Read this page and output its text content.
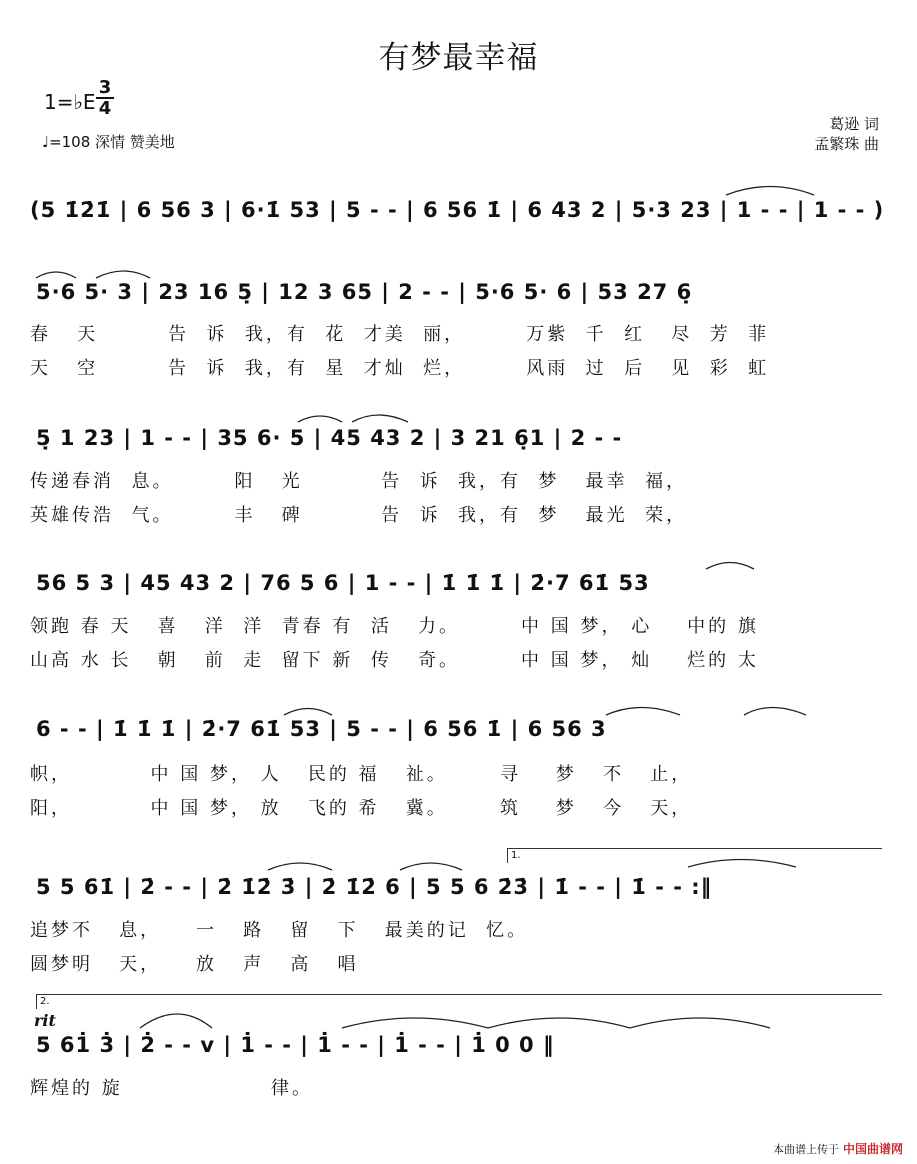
有梦最幸福
1=♭E
3
4
♩=108 深情 赞美地
葛逊 词
孟繁珠 曲
(5 1̇2̇1̇ | 6 56 3 | 6·1̇ 53 | 5 - - | 6 56 1̇ | 6 43 2 | 5·3 23 | 1 - - | 1 - - )
5·6 5· 3 | 23 16 5̣ | 12 3 65 | 2 - - | 5·6 5· 6 | 53 27 6̣
春   天        告  诉  我，有  花  才美  丽，       万紫  千  红   尽  芳  菲
天   空        告  诉  我，有  星  才灿  烂，       风雨  过  后   见  彩  虹
5̣ 1 23 | 1 - - | 35 6· 5 | 45 43 2 | 3 21 6̣1 | 2 - -
传递春消  息。       阳   光         告  诉  我，有  梦   最幸  福，
英雄传浩  气。       丰   碑         告  诉  我，有  梦   最光  荣，
56 5 3 | 45 43 2 | 76 5 6 | 1 - - | 1̇ 1̇ 1̇ | 2̇·7 61̇ 53
领跑 春 天   喜   洋  洋  青春 有  活   力。       中 国 梦， 心    中的 旗
山高 水 长   朝   前  走  留下 新  传   奇。       中 国 梦， 灿    烂的 太
6 - - | 1̇ 1̇ 1̇ | 2̇·7 61̇ 53 | 5 - - | 6 56 1̇ | 6 56 3
帜，         中 国 梦， 人   民的 福   祉。      寻    梦   不   止，
阳，         中 国 梦， 放   飞的 希   冀。      筑    梦   今   天，
1.
5 5 61̇ | 2̇ - - | 2̇ 1̇2̇ 3̇ | 2̇ 1̇2̇ 6 | 5 5 6 2̇3̇ | 1̇ - - | 1̇ - - :‖
追梦不   息，    一   路   留   下   最美的记  忆。
圆梦明   天，    放   声   高   唱
2.
rit
5 61̇ 3̇ | 2̇ - - v | 1̇ - - | 1̇ - - | 1̇ - - | 1̇ 0 0 ‖
辉煌的 旋                 律。
本曲谱上传于 中国曲谱网
